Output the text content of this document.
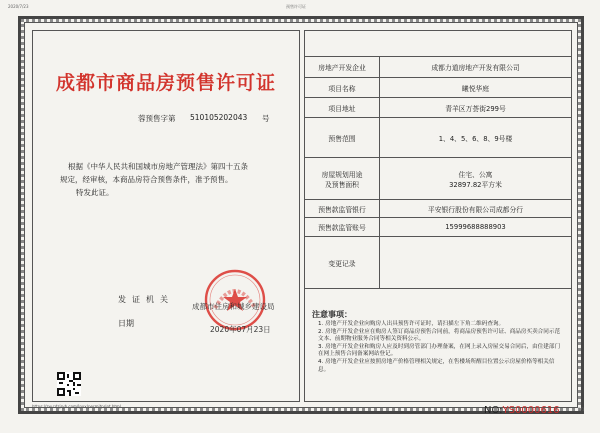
2020/7/23	预售许可证
成都市商品房预售许可证
蓉预售字第 510105202043 号

根据《中华人民共和国城市房地产管理法》第四十五条

规定，经审核，本商品房符合预售条件，准予预售。

特发此证。

发证机关
日期
成都市住房和城乡建设局
2020年07月23日
https://zw.cdzjryb.com/lpxx/permitprint.html
房地产开发企业	成都力道房地产开发有限公司
项目名称	曦悦华庭
项目地址	青羊区万荟街299号
预售范围	1、4、5、6、8、9号楼
房屋规划用途
及预售面积	住宅、公寓
32897.82平方米
预售款监管银行	平安银行股份有限公司成都分行
预售款监管账号	15999688888903
变更记录	
注意事项：
1. 房地产开发企业向购房人出具预售许可证时，请扫描左下角二维码查询。
2. 房地产开发企业应在购房人签订商品房预售合同前，将商品房预售许可证、商品房买卖合同示范文本、前期物业服务合同等相关资料公示。
3. 房地产开发企业和购房人应及时到房管部门办理备案，在网上录入房屋交易合同后，由住建部门在网上预售合同备案网站登记。
4. 房地产开发企业应按照房地产价格管理相关规定，在售楼场所醒目位置公示房屋价格等相关信息。
NO:YS0000616	1/1
